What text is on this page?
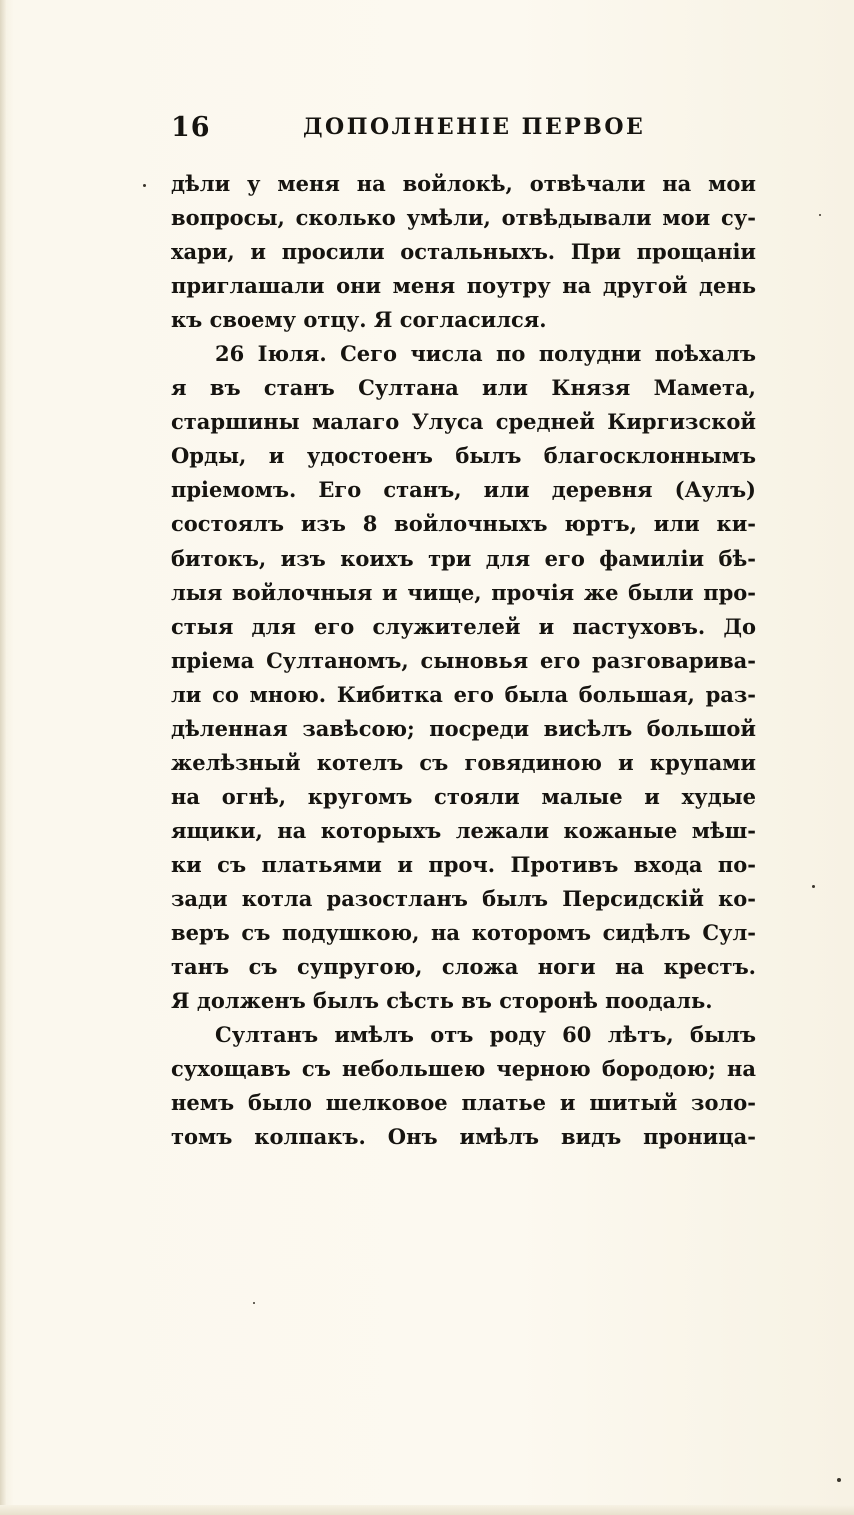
16	ДОПОЛНЕНIЕ ПЕРВОЕ
дѣли у меня на войлокѣ, отвѣчали на мои
вопросы, сколько умѣли, отвѣдывали мои су-
хари, и просили остальныхъ. При прощанiи
приглашали они меня поутру на другой день
къ своему отцу. Я согласился.
26 Iюля. Сего числа по полудни поѣхалъ
я въ станъ Султана или Князя Мамета,
старшины малаго Улуса средней Киргизской
Орды, и удостоенъ былъ благосклоннымъ
прiемомъ. Его станъ, или деревня (Аулъ)
состоялъ изъ 8 войлочныхъ юртъ, или ки-
битокъ, изъ коихъ три для его фамилiи бѣ-
лыя войлочныя и чище, прочiя же были про-
стыя для его служителей и пастуховъ. До
прiема Султаномъ, сыновья его разговарива-
ли со мною. Кибитка его была большая, раз-
дѣленная завѣсою; посреди висѣлъ большой
желѣзный котелъ съ говядиною и крупами
на огнѣ, кругомъ стояли малые и худые
ящики, на которыхъ лежали кожаные мѣш-
ки съ платьями и проч. Противъ входа по-
зади котла разостланъ былъ Персидскiй ко-
веръ съ подушкою, на которомъ сидѣлъ Сул-
танъ съ супругою, сложа ноги на крестъ.
Я долженъ былъ сѣсть въ сторонѣ поодаль.
Султанъ имѣлъ отъ роду 60 лѣтъ, былъ
сухощавъ съ небольшею черною бородою; на
немъ было шелковое платье и шитый золо-
томъ колпакъ. Онъ имѣлъ видъ проница-
